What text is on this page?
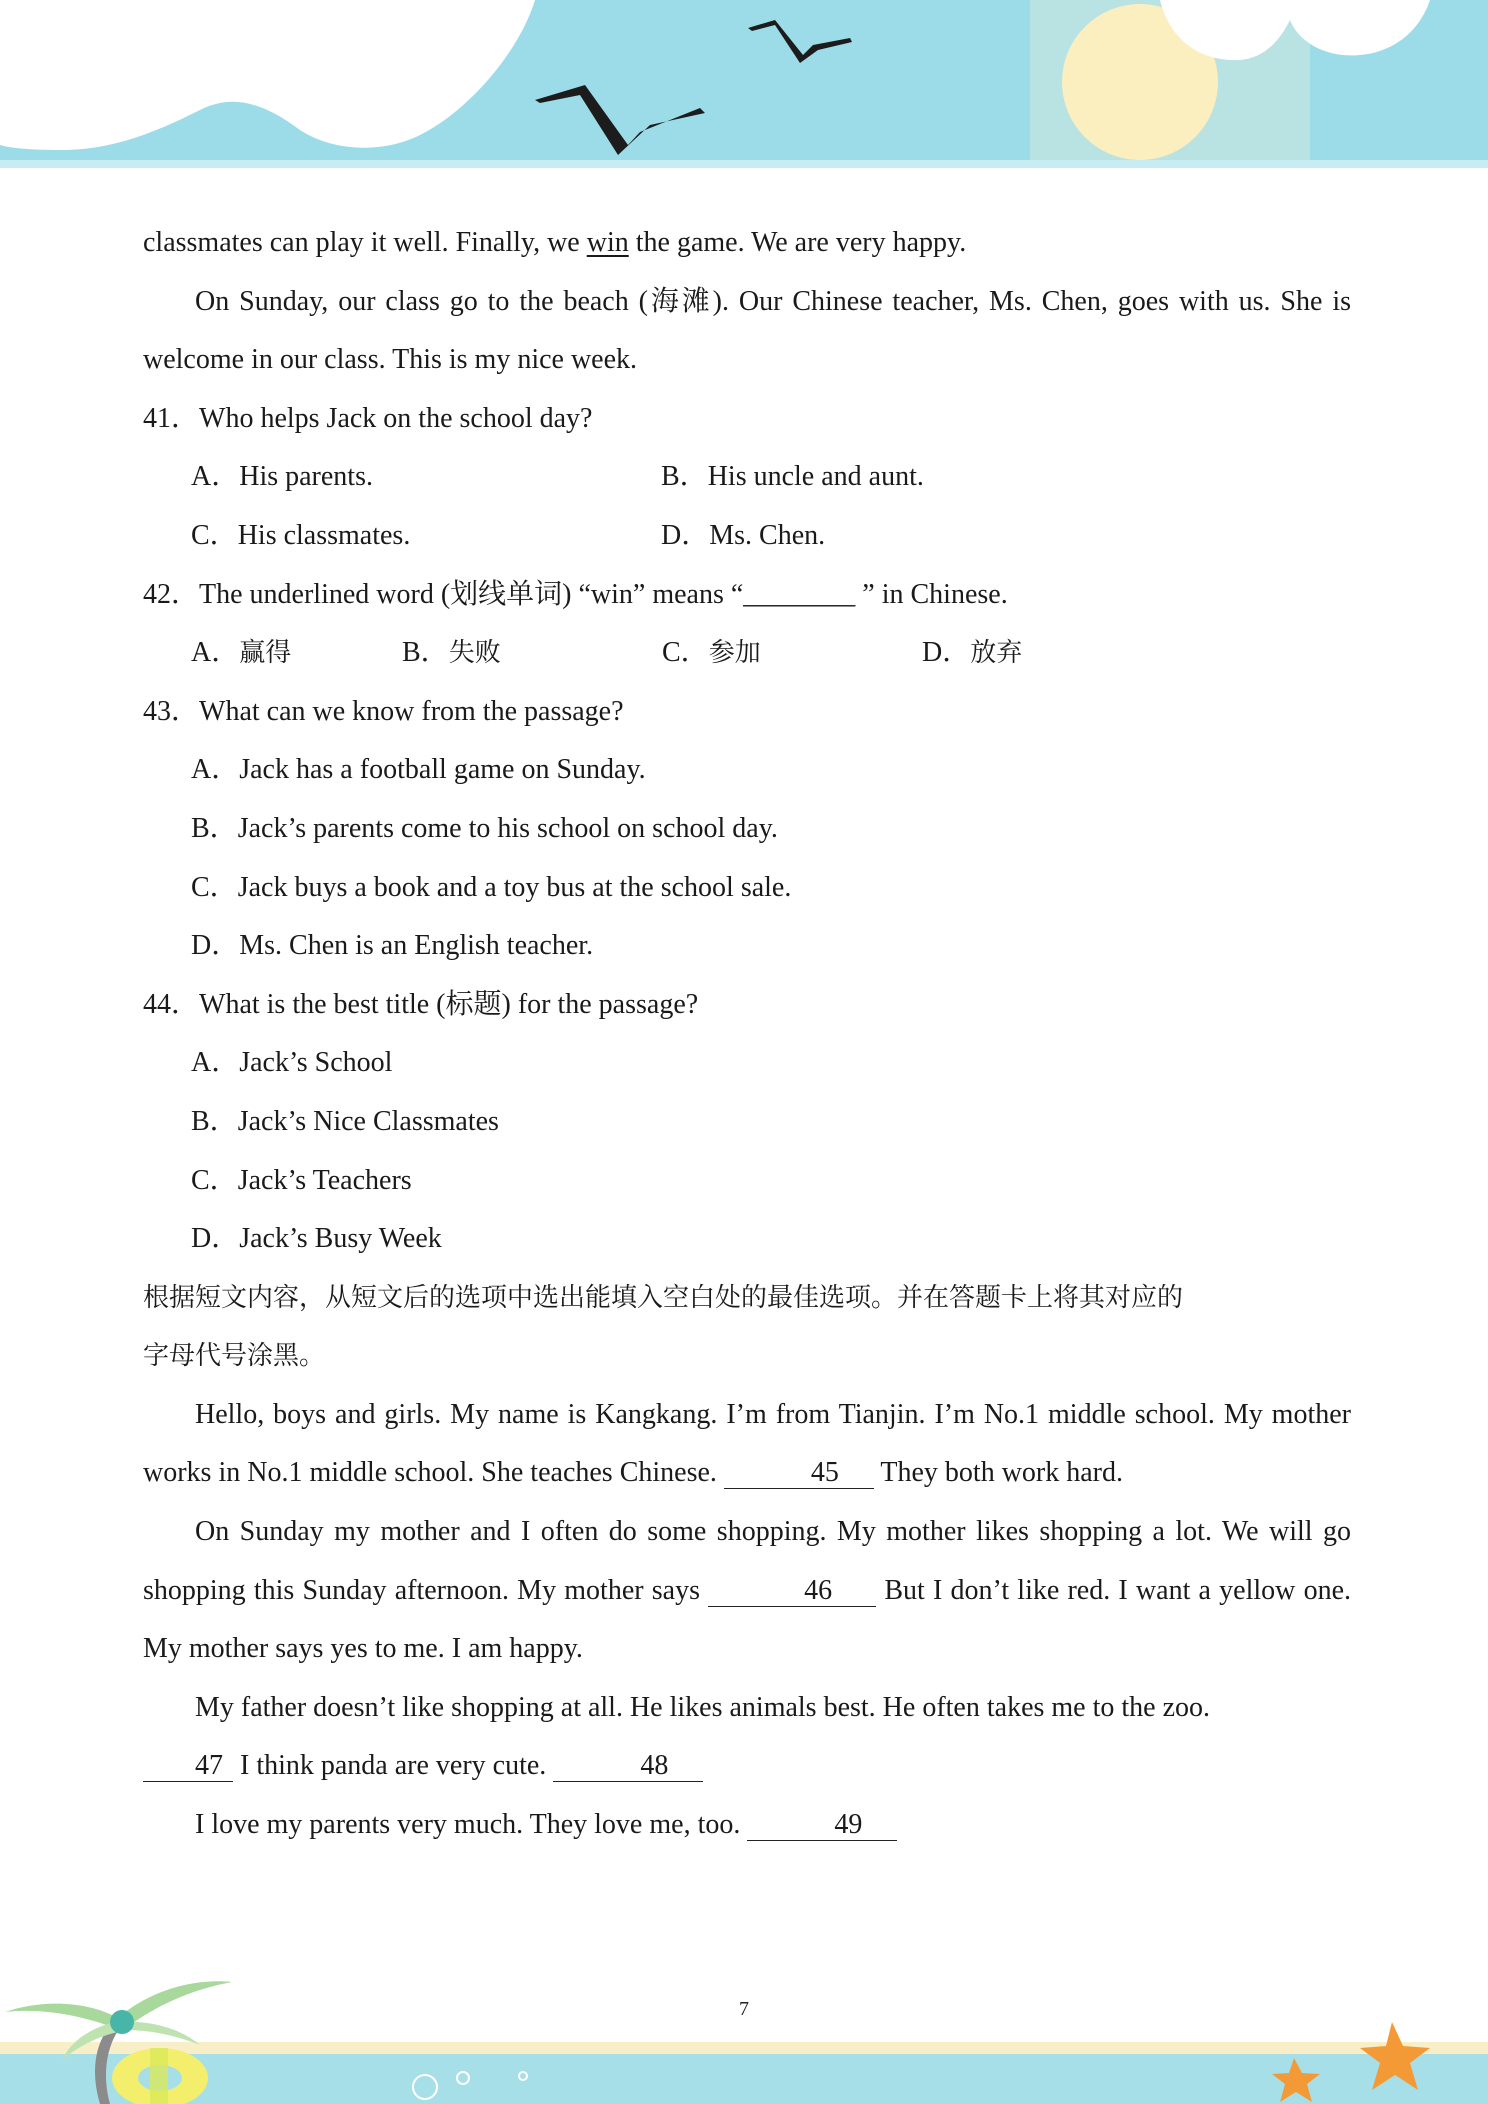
classmates can play it well. Finally, we win the game. We are very happy.

On Sunday, our class go to the beach (海滩). Our Chinese teacher, Ms. Chen, goes with us. She is welcome in our class. This is my nice week.

41．Who helps Jack on the school day?

A．His parents.	B．His uncle and aunt.
C．His classmates.	D．Ms. Chen.

42．The underlined word (划线单词) “win” means “________ ” in Chinese.

A．赢得	B．失败	C．参加	D．放弃

43．What can we know from the passage?

A．Jack has a football game on Sunday.
B．Jack’s parents come to his school on school day.
C．Jack buys a book and a toy bus at the school sale.
D．Ms. Chen is an English teacher.

44．What is the best title (标题) for the passage?

A．Jack’s School
B．Jack’s Nice Classmates
C．Jack’s Teachers
D．Jack’s Busy Week

根据短文内容，从短文后的选项中选出能填入空白处的最佳选项。并在答题卡上将其对应的
字母代号涂黑。

Hello, boys and girls. My name is Kangkang. I’m from Tianjin. I’m No.1 middle school. My mother works in No.1 middle school. She teaches Chinese.	45 They both work hard.

On Sunday my mother and I often do some shopping. My mother likes shopping a lot. We will go shopping this Sunday afternoon. My mother says	46 But I don’t like red. I want a yellow one. My mother says yes to me. I am happy.

My father doesn’t like shopping at all. He likes animals best. He often takes me to the zoo.
47 I think panda are very cute.	48

I love my parents very much. They love me, too.	49

7
